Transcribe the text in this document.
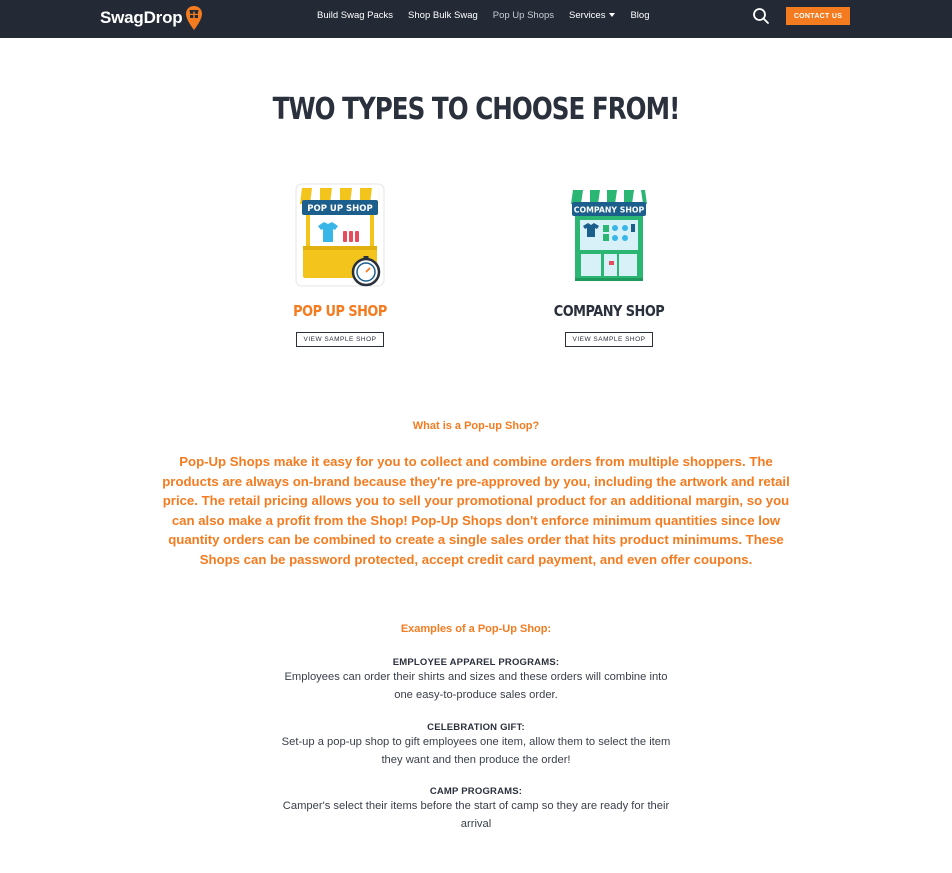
SwagDrop	Build Swag Packs Shop Bulk Swag Pop Up Shops Services	Blog	CONTACT US
TWO TYPES TO CHOOSE FROM!
POP UP SHOP
POP UP SHOP
VIEW SAMPLE SHOP
COMPANY SHOP
COMPANY SHOP
VIEW SAMPLE SHOP
What is a Pop-up Shop?

Pop-Up Shops make it easy for you to collect and combine orders from multiple shoppers. The products are always on-brand because they're pre-approved by you, including the artwork and retail price. The retail pricing allows you to sell your promotional product for an additional margin, so you can also make a profit from the Shop! Pop-Up Shops don't enforce minimum quantities since low quantity orders can be combined to create a single sales order that hits product minimums. These Shops can be password protected, accept credit card payment, and even offer coupons.

Examples of a Pop-Up Shop:
EMPLOYEE APPAREL PROGRAMS:
Employees can order their shirts and sizes and these orders will combine into one easy-to-produce sales order.
CELEBRATION GIFT:
Set-up a pop-up shop to gift employees one item, allow them to select the item they want and then produce the order!
CAMP PROGRAMS:
Camper's select their items before the start of camp so they are ready for their arrival
